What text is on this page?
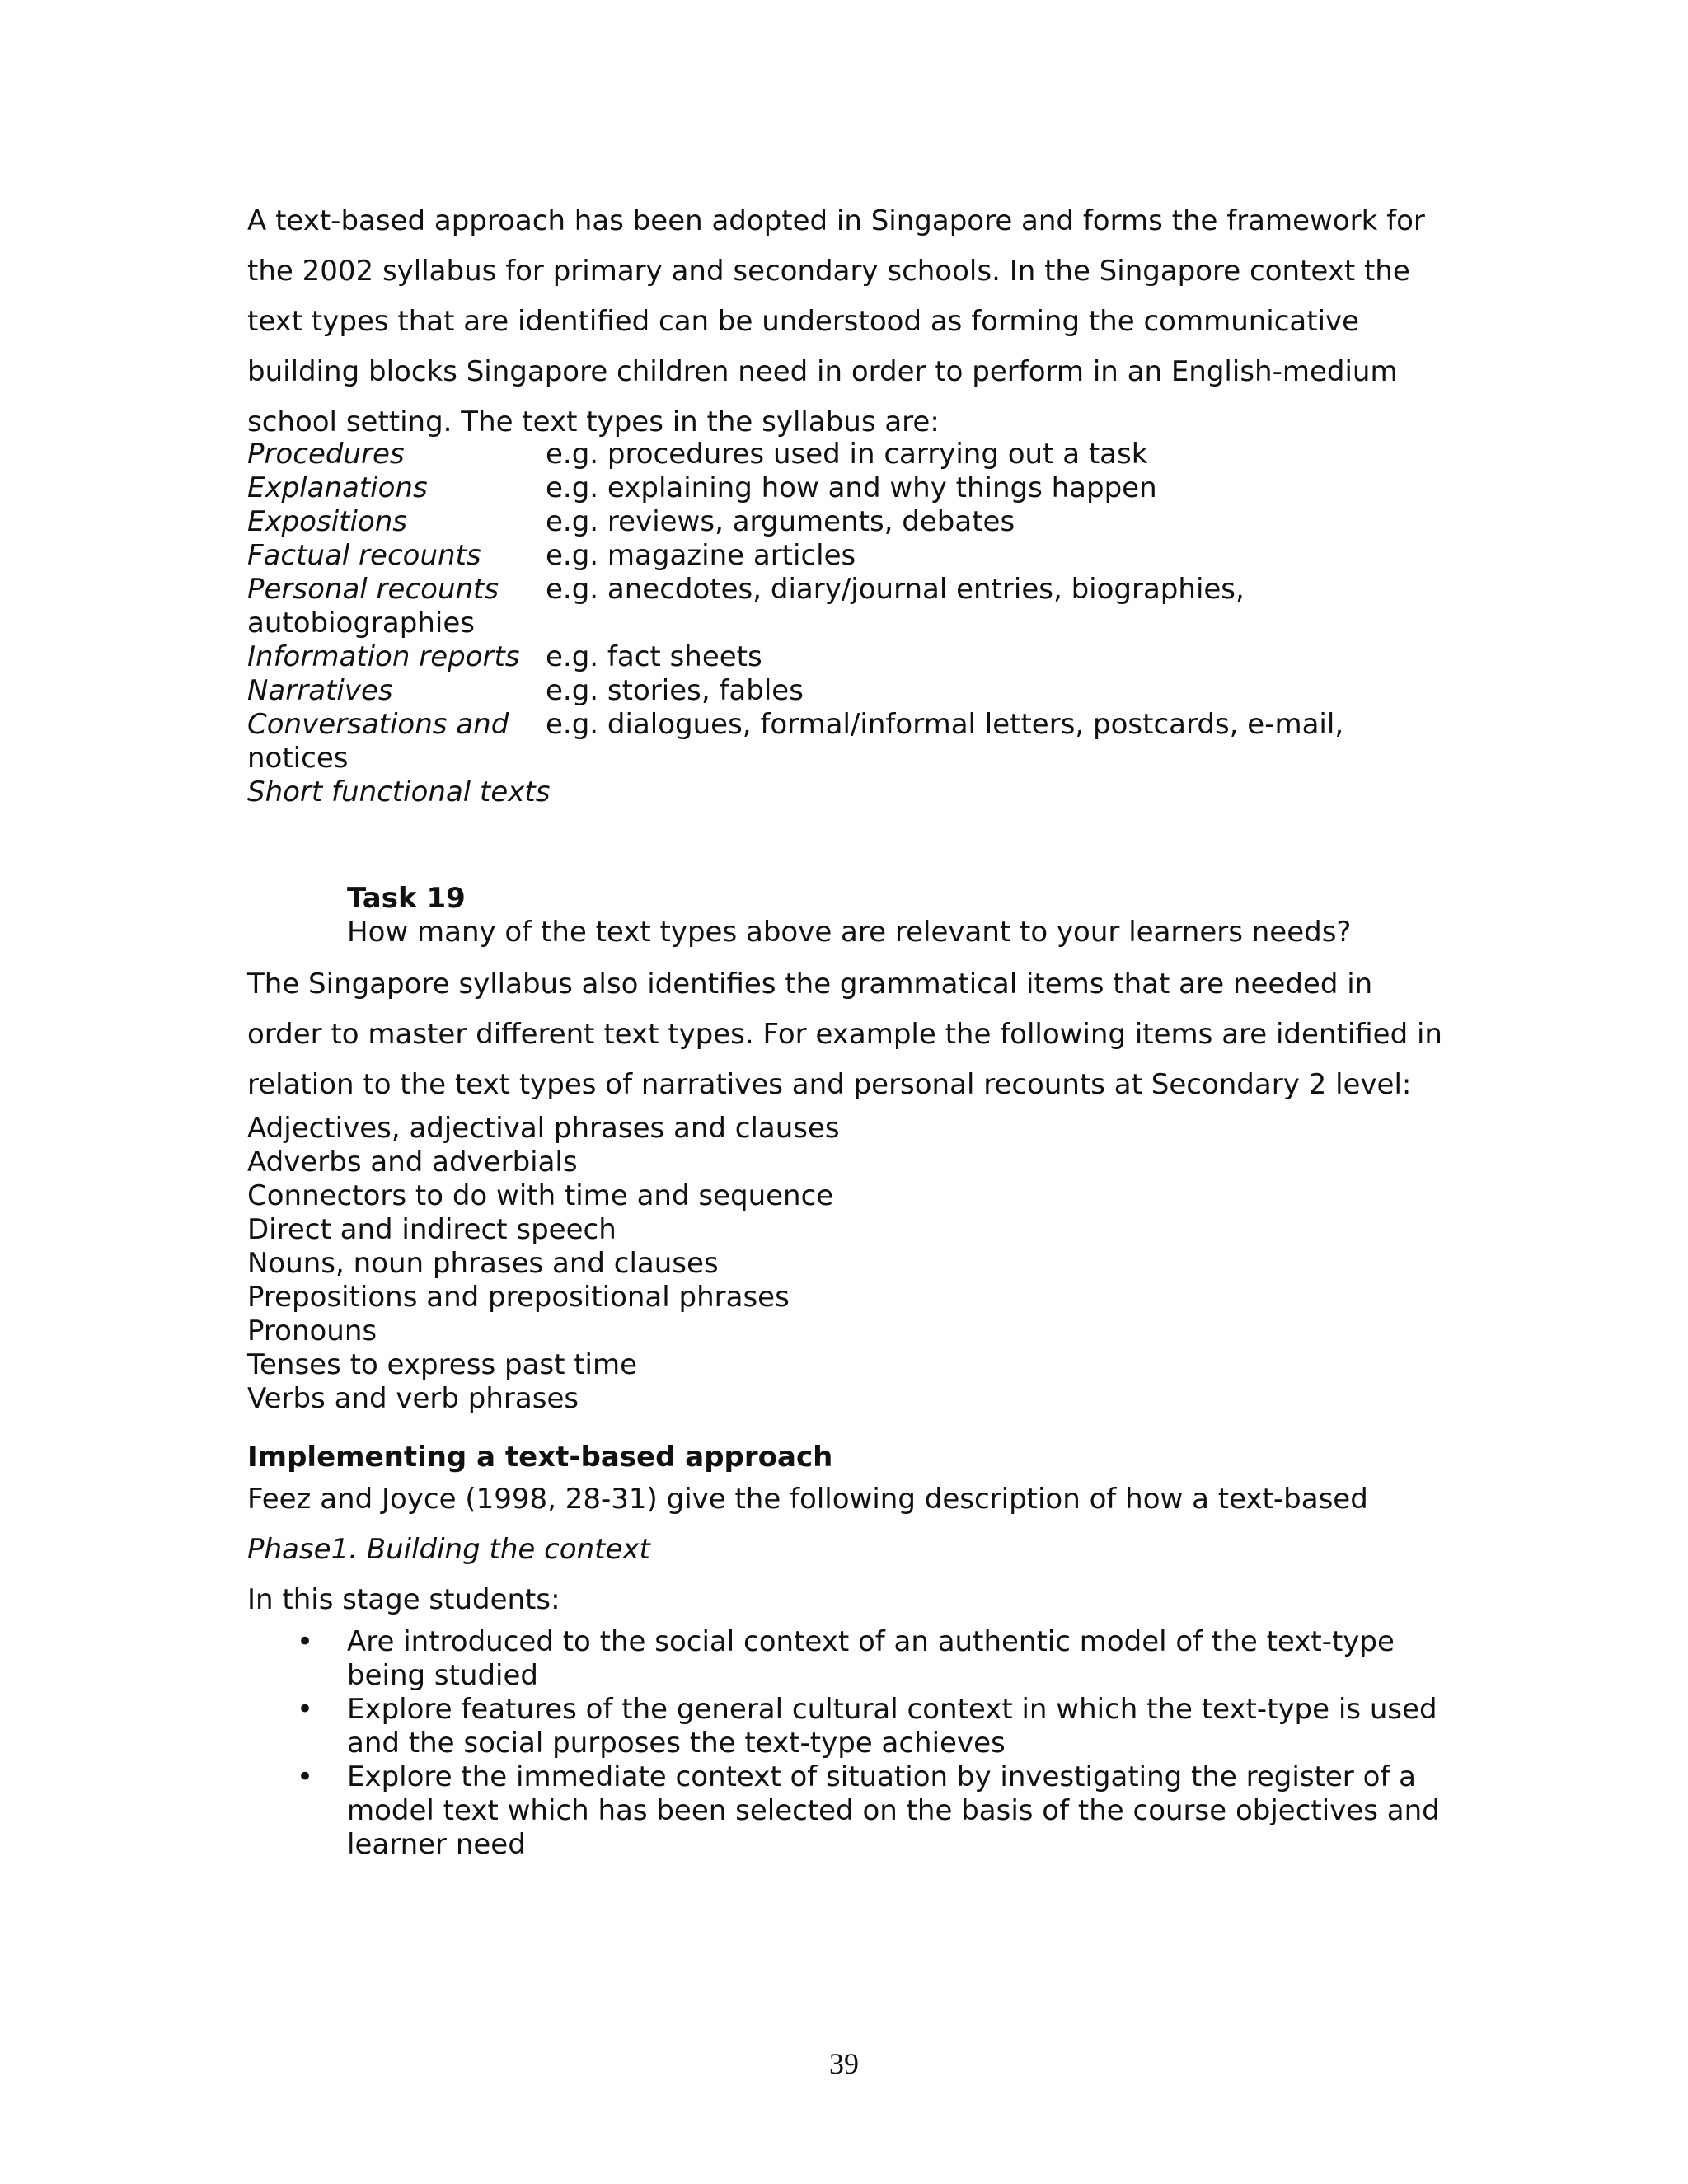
A text-based approach has been adopted in Singapore and forms the framework for
the 2002 syllabus for primary and secondary schools. In the Singapore context the
text types that are identified can be understood as forming the communicative
building blocks Singapore children need in order to perform in an English-medium
school setting. The text types in the syllabus are:
Procedures	e.g. procedures used in carrying out a task
Explanations	e.g. explaining how and why things happen
Expositions	e.g. reviews, arguments, debates
Factual recounts e.g. magazine articles
Personal recounts e.g. anecdotes, diary/journal entries, biographies,
autobiographies
Information reports e.g. fact sheets
Narratives	e.g. stories, fables
Conversations and e.g. dialogues, formal/informal letters, postcards, e-mail,
notices
Short functional texts
Task 19
How many of the text types above are relevant to your learners needs?
The Singapore syllabus also identifies the grammatical items that are needed in
order to master different text types. For example the following items are identified in
relation to the text types of narratives and personal recounts at Secondary 2 level:
Adjectives, adjectival phrases and clauses
Adverbs and adverbials
Connectors to do with time and sequence
Direct and indirect speech
Nouns, noun phrases and clauses
Prepositions and prepositional phrases
Pronouns
Tenses to express past time
Verbs and verb phrases
Implementing a text-based approach
Feez and Joyce (1998, 28-31) give the following description of how a text-based
Phase1. Building the context
In this stage students:
• Are introduced to the social context of an authentic model of the text-type
being studied
• Explore features of the general cultural context in which the text-type is used
and the social purposes the text-type achieves
• Explore the immediate context of situation by investigating the register of a
model text which has been selected on the basis of the course objectives and
learner need
39
